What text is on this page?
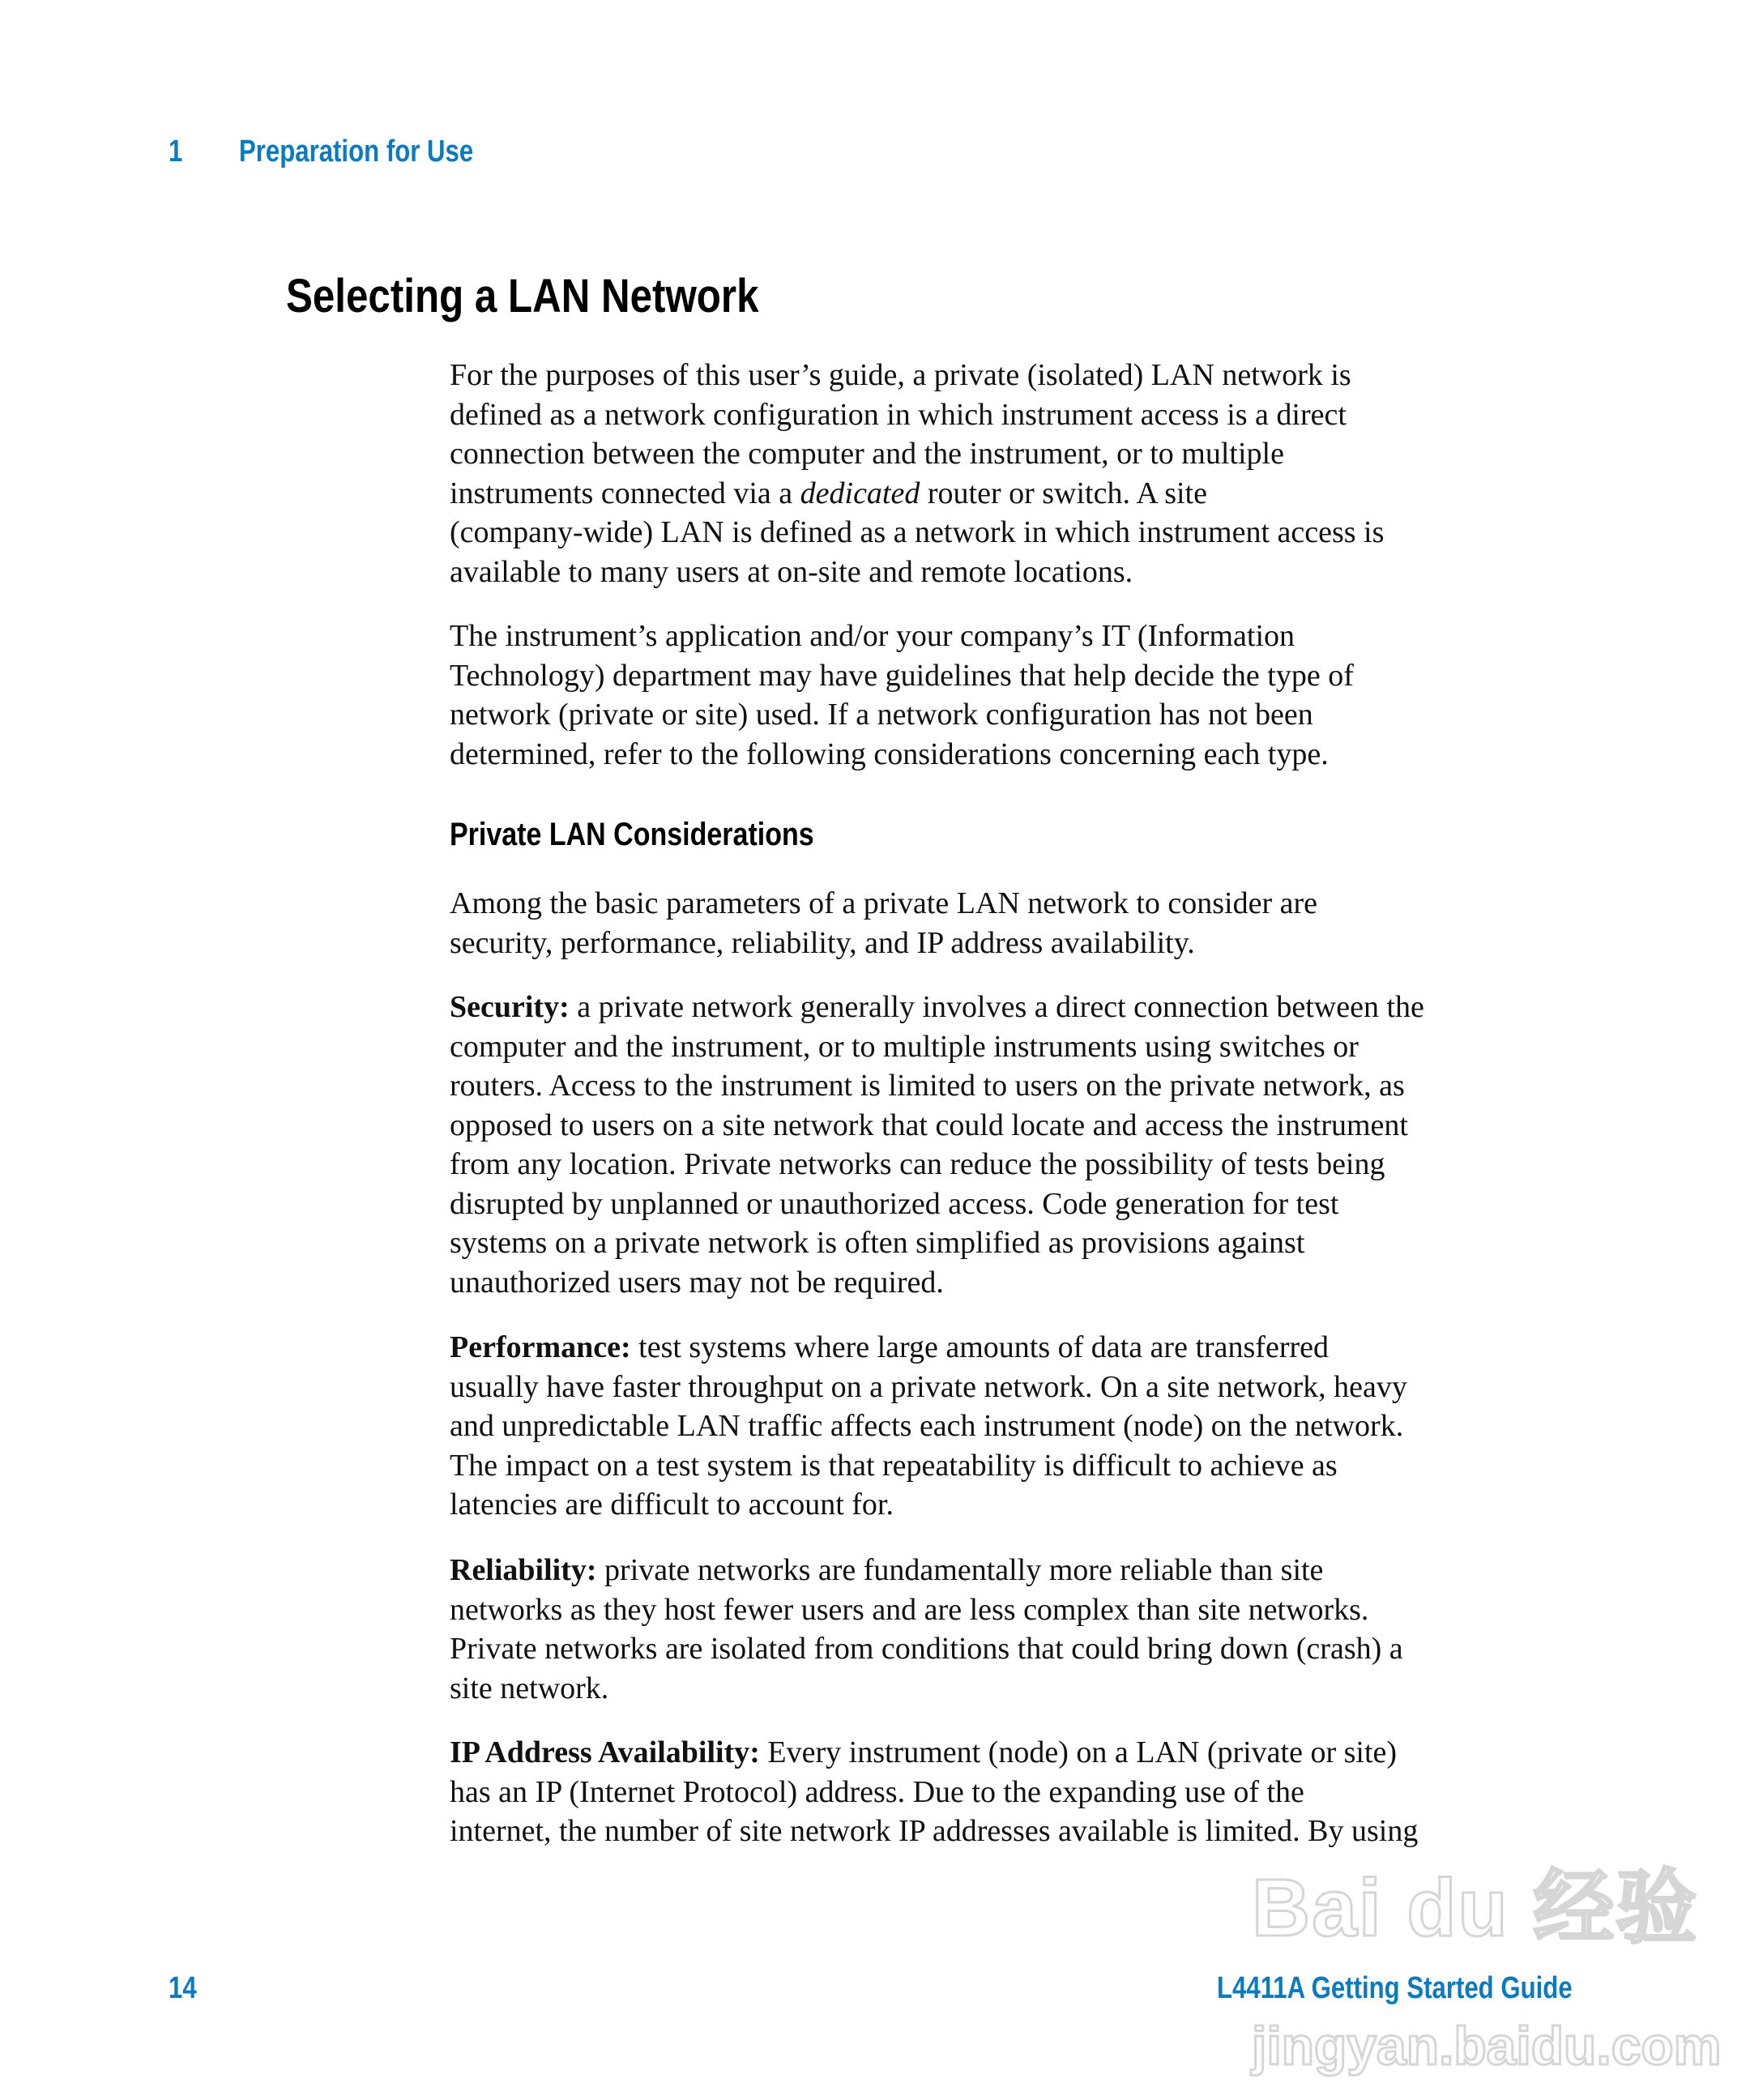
1 Preparation for Use
Selecting a LAN Network
For the purposes of this user’s guide, a private (isolated) LAN network is
defined as a network configuration in which instrument access is a direct
connection between the computer and the instrument, or to multiple
instruments connected via a dedicated router or switch. A site
(company-wide) LAN is defined as a network in which instrument access is
available to many users at on-site and remote locations.
The instrument’s application and/or your company’s IT (Information
Technology) department may have guidelines that help decide the type of
network (private or site) used. If a network configuration has not been
determined, refer to the following considerations concerning each type.
Private LAN Considerations
Among the basic parameters of a private LAN network to consider are
security, performance, reliability, and IP address availability.
Security: a private network generally involves a direct connection between the
computer and the instrument, or to multiple instruments using switches or
routers. Access to the instrument is limited to users on the private network, as
opposed to users on a site network that could locate and access the instrument
from any location. Private networks can reduce the possibility of tests being
disrupted by unplanned or unauthorized access. Code generation for test
systems on a private network is often simplified as provisions against
unauthorized users may not be required.
Performance: test systems where large amounts of data are transferred
usually have faster throughput on a private network. On a site network, heavy
and unpredictable LAN traffic affects each instrument (node) on the network.
The impact on a test system is that repeatability is difficult to achieve as
latencies are difficult to account for.
Reliability: private networks are fundamentally more reliable than site
networks as they host fewer users and are less complex than site networks.
Private networks are isolated from conditions that could bring down (crash) a
site network.
IP Address Availability: Every instrument (node) on a LAN (private or site)
has an IP (Internet Protocol) address. Due to the expanding use of the
internet, the number of site network IP addresses available is limited. By using
Bai du 经验
jingyan.baidu.com
14	L4411A Getting Started Guide
